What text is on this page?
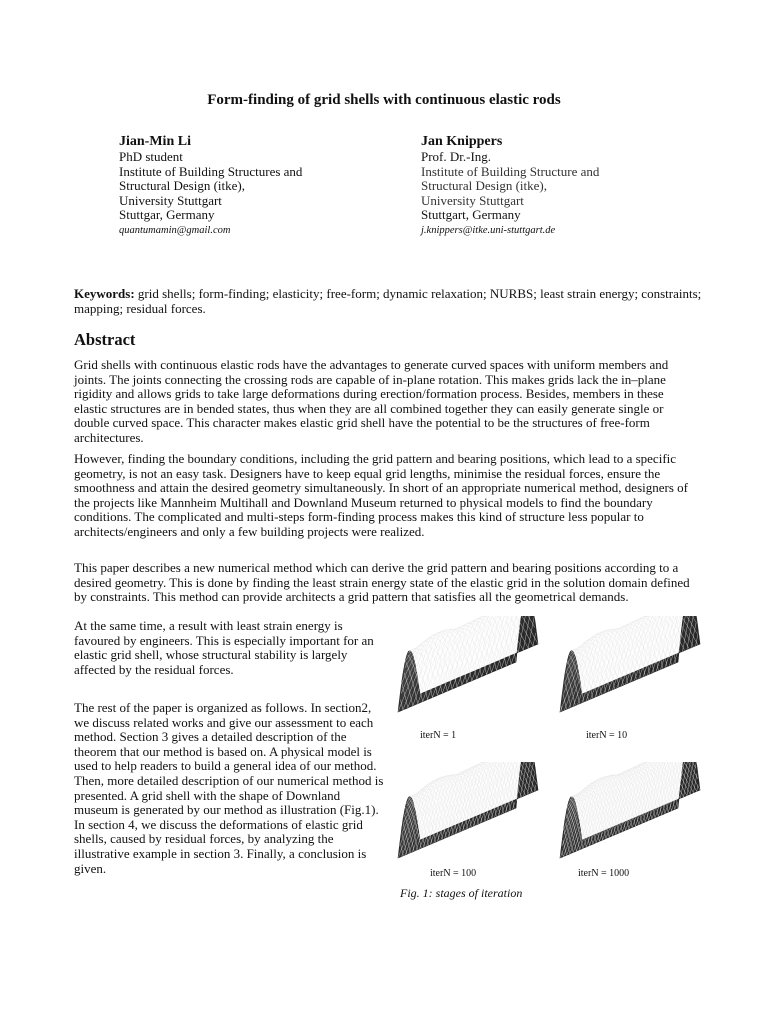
Form-finding of grid shells with continuous elastic rods
Jian-Min Li
PhD student
Institute of Building Structures and
Structural Design (itke),
University Stuttgart
Stuttgar, Germany
quantumamin@gmail.com
Jan Knippers
Prof. Dr.-Ing.
Institute of Building Structure and
Structural Design (itke),
University Stuttgart
Stuttgart, Germany
j.knippers@itke.uni-stuttgart.de
Keywords: grid shells; form-finding; elasticity; free-form; dynamic relaxation; NURBS; least strain energy; constraints; mapping; residual forces.
Abstract

Grid shells with continuous elastic rods have the advantages to generate curved spaces with uniform members and joints. The joints connecting the crossing rods are capable of in-plane rotation. This makes grids lack the in–plane rigidity and allows grids to take large deformations during erection/formation process. Besides, members in these elastic structures are in bended states, thus when they are all combined together they can easily generate single or double curved space. This character makes elastic grid shell have the potential to be the structures of free-form architectures.

However, finding the boundary conditions, including the grid pattern and bearing positions, which lead to a specific geometry, is not an easy task. Designers have to keep equal grid lengths, minimise the residual forces, ensure the smoothness and attain the desired geometry simultaneously. In short of an appropriate numerical method, designers of the projects like Mannheim Multihall and Downland Museum returned to physical models to find the boundary conditions. The complicated and multi-steps form-finding process makes this kind of structure less popular to architects/engineers and only a few building projects were realized.

This paper describes a new numerical method which can derive the grid pattern and bearing positions according to a desired geometry. This is done by finding the least strain energy state of the elastic grid in the solution domain defined by constraints. This method can provide architects a grid pattern that satisfies all the geometrical demands.

At the same time, a result with least strain energy is favoured by engineers. This is especially important for an elastic grid shell, whose structural stability is largely affected by the residual forces.

The rest of the paper is organized as follows. In section2, we discuss related works and give our assessment to each method. Section 3 gives a detailed description of the theorem that our method is based on. A physical model is used to help readers to build a general idea of our method. Then, more detailed description of our numerical method is presented. A grid shell with the shape of Downland museum is generated by our method as illustration (Fig.1). In section 4, we discuss the deformations of elastic grid shells, caused by residual forces, by analyzing the illustrative example in section 3. Finally, a conclusion is given.

iterN = 1	iterN = 10
iterN = 100	iterN = 1000
Fig. 1: stages of iteration
